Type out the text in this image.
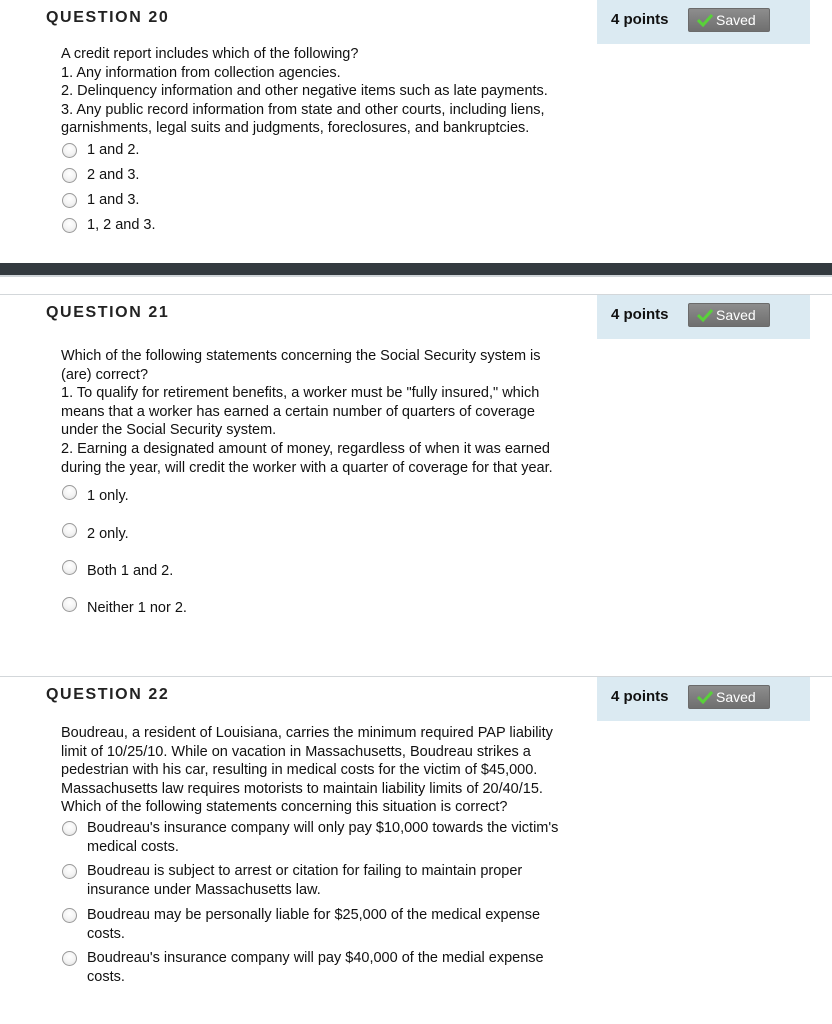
QUESTION 20	4 points	Saved
A credit report includes which of the following?
1. Any information from collection agencies.
2. Delinquency information and other negative items such as late payments.
3. Any public record information from state and other courts, including liens,
garnishments, legal suits and judgments, foreclosures, and bankruptcies.
1 and 2.
2 and 3.
1 and 3.
1, 2 and 3.
QUESTION 21	4 points	Saved
Which of the following statements concerning the Social Security system is
(are) correct?
1. To qualify for retirement benefits, a worker must be "fully insured," which
means that a worker has earned a certain number of quarters of coverage
under the Social Security system.
2. Earning a designated amount of money, regardless of when it was earned
during the year, will credit the worker with a quarter of coverage for that year.
1 only.
2 only.
Both 1 and 2.
Neither 1 nor 2.
QUESTION 22	4 points	Saved
Boudreau, a resident of Louisiana, carries the minimum required PAP liability
limit of 10/25/10. While on vacation in Massachusetts, Boudreau strikes a
pedestrian with his car, resulting in medical costs for the victim of $45,000.
Massachusetts law requires motorists to maintain liability limits of 20/40/15.
Which of the following statements concerning this situation is correct?
Boudreau's insurance company will only pay $10,000 towards the victim's
medical costs.
Boudreau is subject to arrest or citation for failing to maintain proper
insurance under Massachusetts law.
Boudreau may be personally liable for $25,000 of the medical expense
costs.
Boudreau's insurance company will pay $40,000 of the medial expense
costs.
